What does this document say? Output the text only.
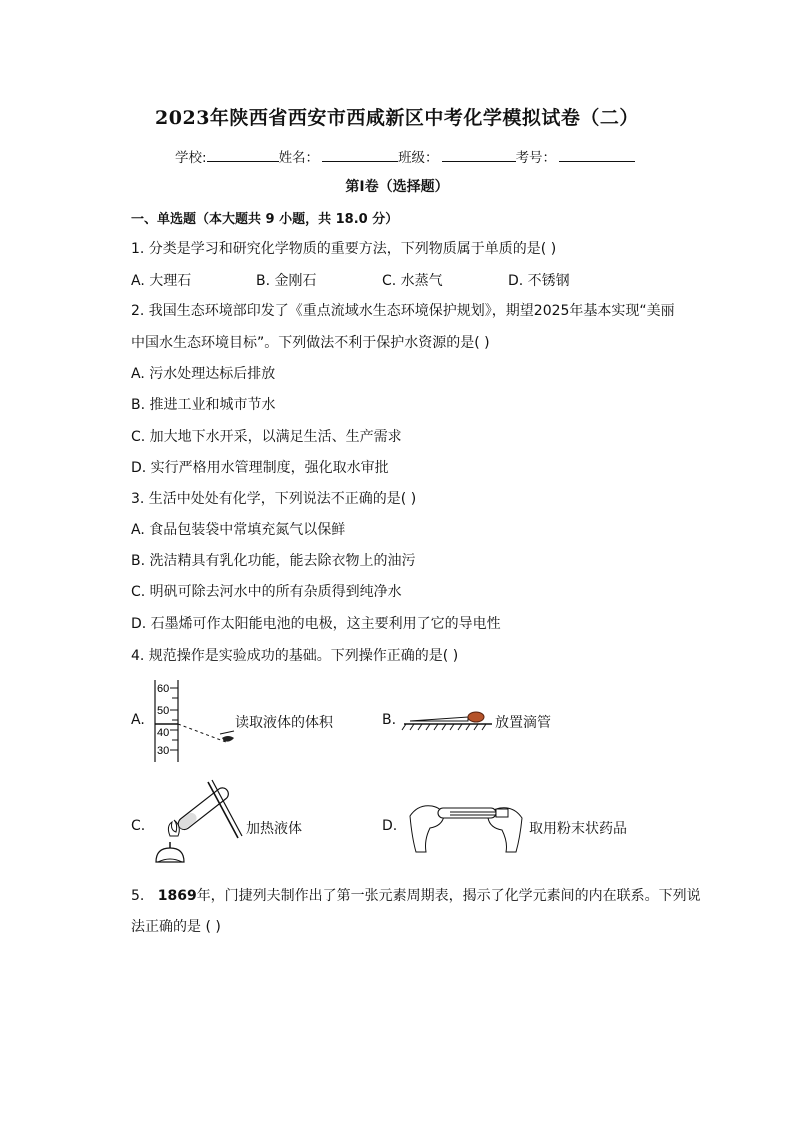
2023年陕西省西安市西咸新区中考化学模拟试卷（二）
学校:	姓名：	班级：	考号：
第Ⅰ卷（选择题）
一、单选题（本大题共 9 小题，共 18.0 分）
1. 分类是学习和研究化学物质的重要方法，下列物质属于单质的是( )
A. 大理石	B. 金刚石	C. 水蒸气	D. 不锈钢
2. 我国生态环境部印发了《重点流域水生态环境保护规划》，期望2025年基本实现“美丽
中国水生态环境目标”。下列做法不利于保护水资源的是( )
A. 污水处理达标后排放
B. 推进工业和城市节水
C. 加大地下水开采，以满足生活、生产需求
D. 实行严格用水管理制度，强化取水审批
3. 生活中处处有化学，下列说法不正确的是( )
A. 食品包装袋中常填充氮气以保鲜
B. 洗洁精具有乳化功能，能去除衣物上的油污
C. 明矾可除去河水中的所有杂质得到纯净水
D. 石墨烯可作太阳能电池的电极，这主要利用了它的导电性
4. 规范操作是实验成功的基础。下列操作正确的是( )
A.
60
50
40
30
读取液体的体积	B.	放置滴管
C.	加热液体	D.	取用粉末状药品
5. 1869年，门捷列夫制作出了第一张元素周期表，揭示了化学元素间的内在联系。下列说
法正确的是 ( )
